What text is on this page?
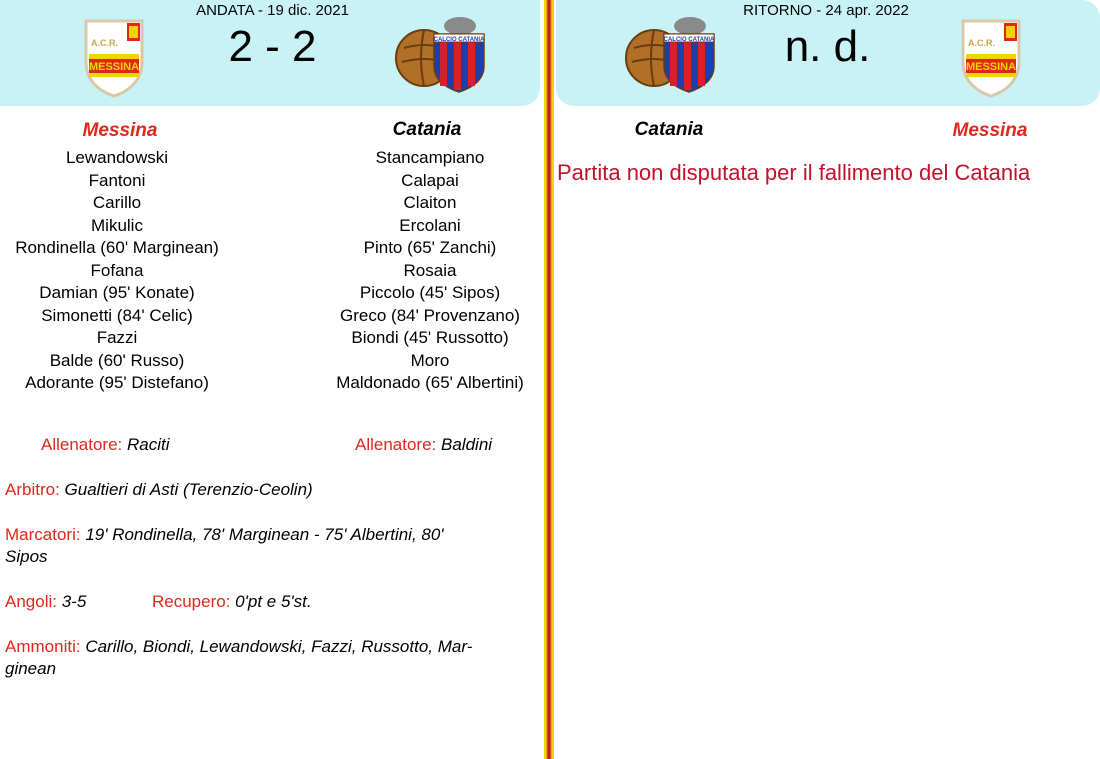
ANDATA - 19 dic. 2021
2 - 2
A.C.R.
MESSINA
CALCIO CATANIA
RITORNO - 24 apr. 2022
n. d.
CALCIO CATANIA	A.C.R.
MESSINA
Messina	Catania
Lewandowski
Fantoni
Carillo
Mikulic
Rondinella (60' Marginean)
Fofana
Damian (95' Konate)
Simonetti (84' Celic)
Fazzi
Balde (60' Russo)
Adorante (95' Distefano)
Stancampiano
Calapai
Claiton
Ercolani
Pinto (65' Zanchi)
Rosaia
Piccolo (45' Sipos)
Greco (84' Provenzano)
Biondi (45' Russotto)
Moro
Maldonado (65' Albertini)
Allenatore: Raciti	Allenatore: Baldini
Arbitro: Gualtieri di Asti (Terenzio-Ceolin)
Marcatori: 19' Rondinella, 78' Marginean - 75' Albertini, 80'
Sipos
Angoli: 3-5	Recupero: 0'pt e 5'st.
Ammoniti: Carillo, Biondi, Lewandowski, Fazzi, Russotto, Mar-
ginean
Catania	Messina
Partita non disputata per il fallimento del Catania
